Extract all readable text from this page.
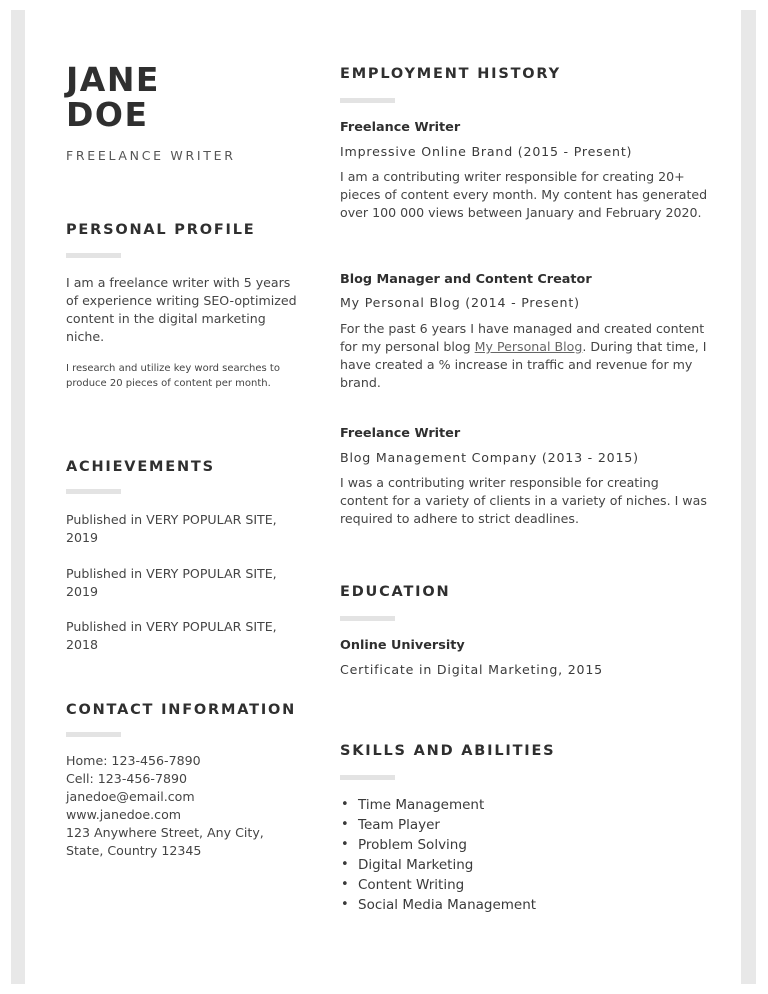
JANE
DOE
FREELANCE WRITER
PERSONAL PROFILE
I am a freelance writer with 5 years of experience writing SEO-optimized content in the digital marketing niche.
I research and utilize key word searches to produce 20 pieces of content per month.
ACHIEVEMENTS
Published in VERY POPULAR SITE, 2019
Published in VERY POPULAR SITE, 2019
Published in VERY POPULAR SITE, 2018
CONTACT INFORMATION
Home: 123-456-7890
Cell: 123-456-7890
janedoe@email.com
www.janedoe.com
123 Anywhere Street, Any City,
State, Country 12345
EMPLOYMENT HISTORY
Freelance Writer
Impressive Online Brand (2015 - Present)
I am a contributing writer responsible for creating 20+ pieces of content every month. My content has generated over 100 000 views between January and February 2020.
Blog Manager and Content Creator
My Personal Blog (2014 - Present)
For the past 6 years I have managed and created content for my personal blog My Personal Blog. During that time, I have created a % increase in traffic and revenue for my brand.
Freelance Writer
Blog Management Company (2013 - 2015)
I was a contributing writer responsible for creating content for a variety of clients in a variety of niches. I was required to adhere to strict deadlines.
EDUCATION
Online University
Certificate in Digital Marketing, 2015
SKILLS AND ABILITIES
• Time Management
• Team Player
• Problem Solving
• Digital Marketing
• Content Writing
• Social Media Management
